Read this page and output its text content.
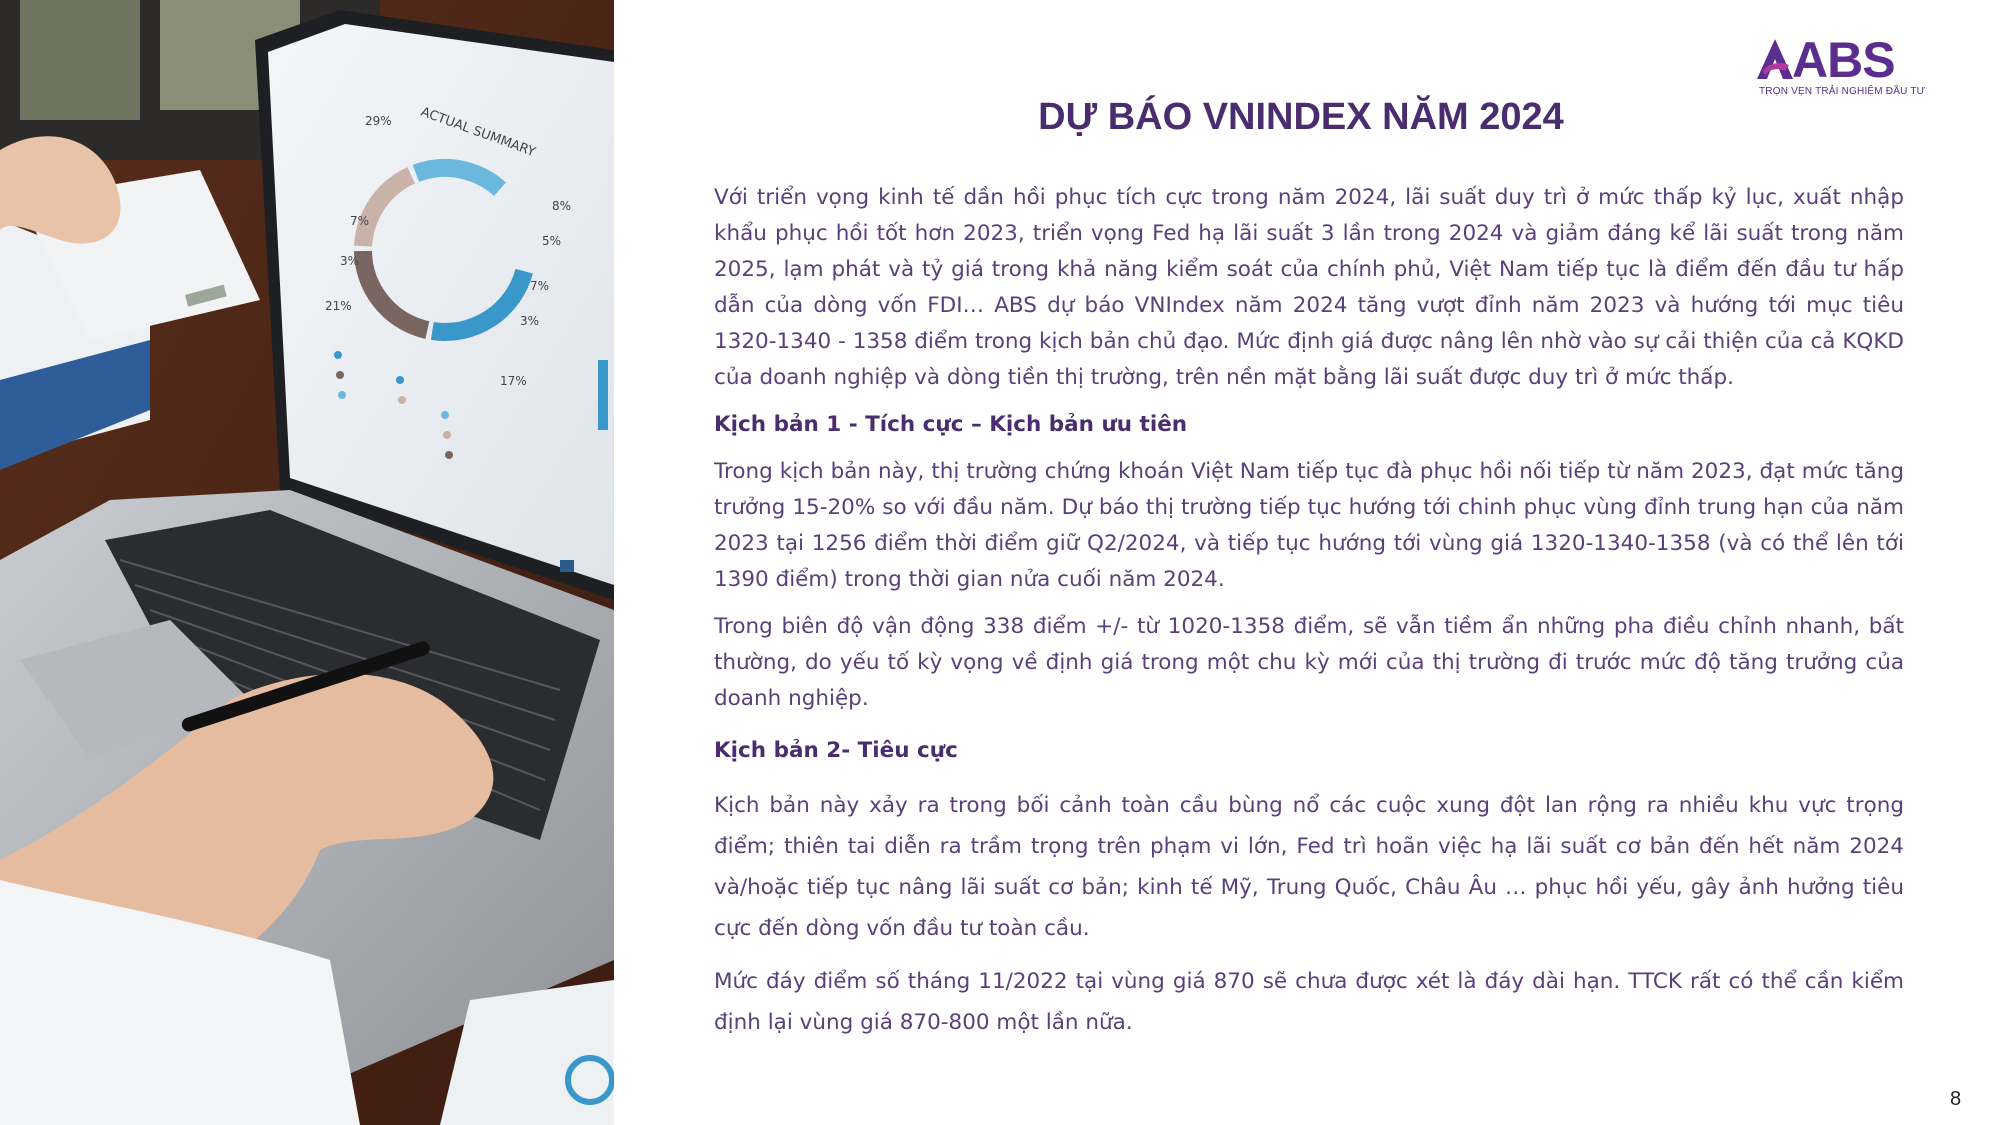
ACTUAL SUMMARY
29%
8%
5%
7%
3%
7%
3%
21%
17%
ABS
TRỌN VẸN TRẢI NGHIỆM ĐẦU TƯ
DỰ BÁO VNINDEX NĂM 2024

Với triển vọng kinh tế dần hồi phục tích cực trong năm 2024, lãi suất duy trì ở mức thấp kỷ lục, xuất nhập khẩu phục hồi tốt hơn 2023, triển vọng Fed hạ lãi suất 3 lần trong 2024 và giảm đáng kể lãi suất trong năm 2025, lạm phát và tỷ giá trong khả năng kiểm soát của chính phủ, Việt Nam tiếp tục là điểm đến đầu tư hấp dẫn của dòng vốn FDI… ABS dự báo VNIndex năm 2024 tăng vượt đỉnh năm 2023 và hướng tới mục tiêu 1320-1340 - 1358 điểm trong kịch bản chủ đạo. Mức định giá được nâng lên nhờ vào sự cải thiện của cả KQKD của doanh nghiệp và dòng tiền thị trường, trên nền mặt bằng lãi suất được duy trì ở mức thấp.

Kịch bản 1 - Tích cực – Kịch bản ưu tiên

Trong kịch bản này, thị trường chứng khoán Việt Nam tiếp tục đà phục hồi nối tiếp từ năm 2023, đạt mức tăng trưởng 15-20% so với đầu năm. Dự báo thị trường tiếp tục hướng tới chinh phục vùng đỉnh trung hạn của năm 2023 tại 1256 điểm thời điểm giữ Q2/2024, và tiếp tục hướng tới vùng giá 1320-1340-1358 (và có thể lên tới 1390 điểm) trong thời gian nửa cuối năm 2024.

Trong biên độ vận động 338 điểm +/- từ 1020-1358 điểm, sẽ vẫn tiềm ẩn những pha điều chỉnh nhanh, bất thường, do yếu tố kỳ vọng về định giá trong một chu kỳ mới của thị trường đi trước mức độ tăng trưởng của doanh nghiệp.

Kịch bản 2- Tiêu cực

Kịch bản này xảy ra trong bối cảnh toàn cầu bùng nổ các cuộc xung đột lan rộng ra nhiều khu vực trọng điểm; thiên tai diễn ra trầm trọng trên phạm vi lớn, Fed trì hoãn việc hạ lãi suất cơ bản đến hết năm 2024 và/hoặc tiếp tục nâng lãi suất cơ bản; kinh tế Mỹ, Trung Quốc, Châu Âu … phục hồi yếu, gây ảnh hưởng tiêu cực đến dòng vốn đầu tư toàn cầu.

Mức đáy điểm số tháng 11/2022 tại vùng giá 870 sẽ chưa được xét là đáy dài hạn. TTCK rất có thể cần kiểm định lại vùng giá 870-800 một lần nữa.

8
